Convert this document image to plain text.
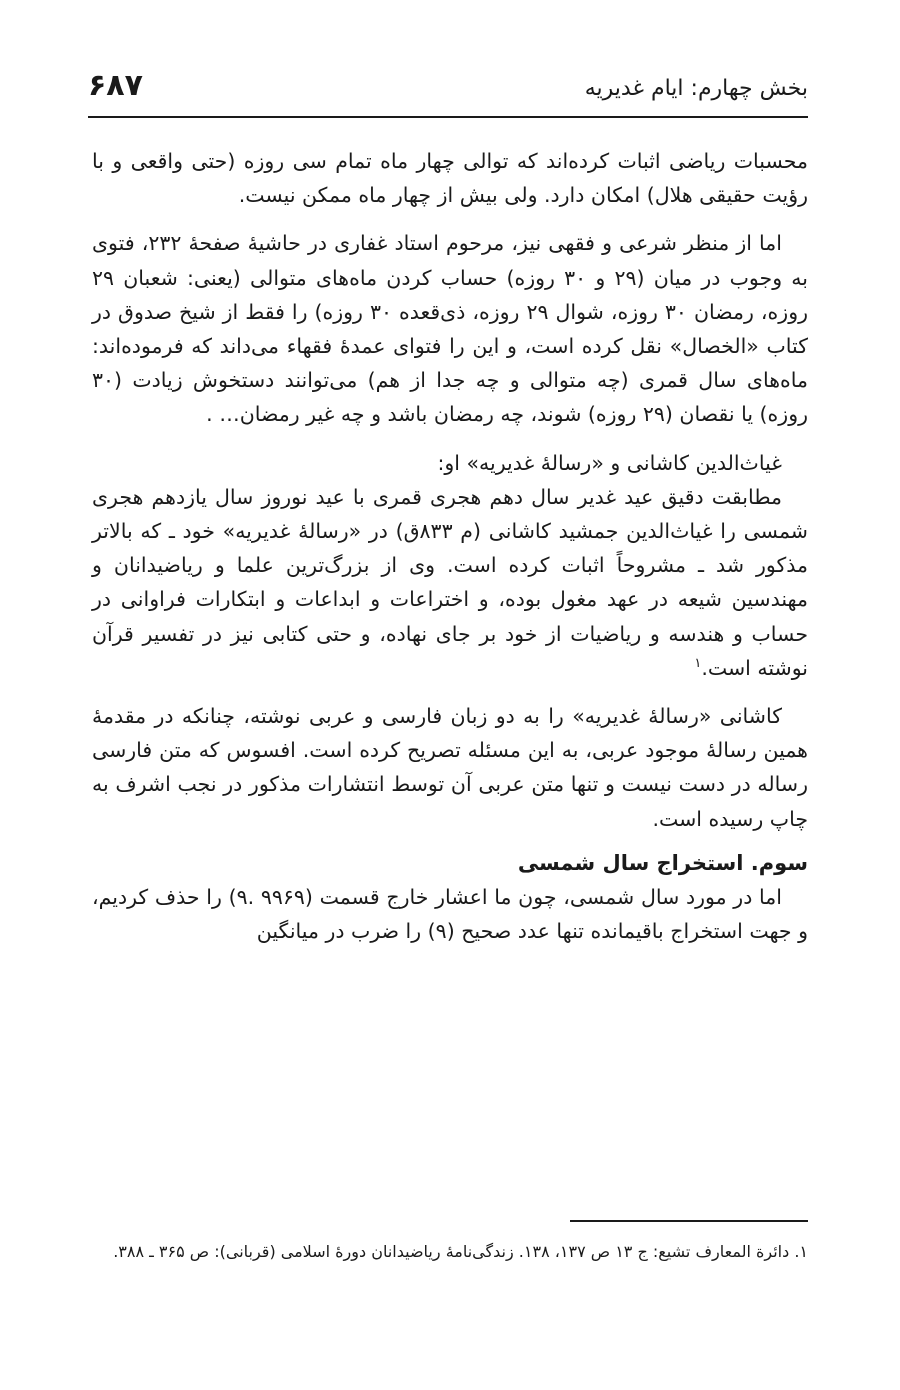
بخش چهارم: ایام غدیریه
۶۸۷

محسبات ریاضی اثبات کرده‌اند که توالی چهار ماه تمام سی روزه (حتی واقعی و با رؤیت حقیقی هلال) امکان دارد. ولی بیش از چهار ماه ممکن نیست.

اما از منظر شرعی و فقهی نیز، مرحوم استاد غفاری در حاشیهٔ صفحهٔ ۲۳۲، فتوی به وجوب در میان (۲۹ و ۳۰ روزه) حساب کردن ماه‌های متوالی (یعنی: شعبان ۲۹ روزه، رمضان ۳۰ روزه، شوال ۲۹ روزه، ذی‌قعده ۳۰ روزه) را فقط از شیخ صدوق در کتاب «الخصال» نقل کرده است، و این را فتوای عمدهٔ فقهاء می‌داند که فرموده‌اند: ماه‌های سال قمری (چه متوالی و چه جدا از هم) می‌توانند دستخوش زیادت (۳۰ روزه) یا نقصان (۲۹ روزه) شوند، چه رمضان باشد و چه غیر رمضان… .

غیاث‌الدین کاشانی و «رسالهٔ غدیریه» او:

مطابقت دقیق عید غدیر سال دهم هجری قمری با عید نوروز سال یازدهم هجری شمسی را غیاث‌الدین جمشید کاشانی (م ۸۳۳ق) در «رسالهٔ غدیریه» خود ـ که بالاتر مذکور شد ـ مشروحاً اثبات کرده است. وی از بزرگ‌ترین علما و ریاضیدانان و مهندسین شیعه در عهد مغول بوده، و اختراعات و ابداعات و ابتکارات فراوانی در حساب و هندسه و ریاضیات از خود بر جای نهاده، و حتی کتابی نیز در تفسیر قرآن نوشته است.$^۱$

کاشانی «رسالهٔ غدیریه» را به دو زبان فارسی و عربی نوشته، چنانکه در مقدمهٔ همین رسالهٔ موجود عربی، به این مسئله تصریح کرده است. افسوس که متن فارسی رساله در دست نیست و تنها متن عربی آن توسط انتشارات مذکور در نجب اشرف به چاپ رسیده است.

سوم. استخراج سال شمسی

اما در مورد سال شمسی، چون ما اعشار خارج قسمت (۹۹۶۹ .۹) را حذف کردیم، و جهت استخراج باقیمانده تنها عدد صحیح (۹) را ضرب در میانگین

۱. دائرة المعارف تشیع: ج ۱۳ ص ۱۳۷، ۱۳۸. زندگی‌نامهٔ ریاضیدانان دورهٔ اسلامی (قربانی): ص ۳۶۵ ـ ۳۸۸.
